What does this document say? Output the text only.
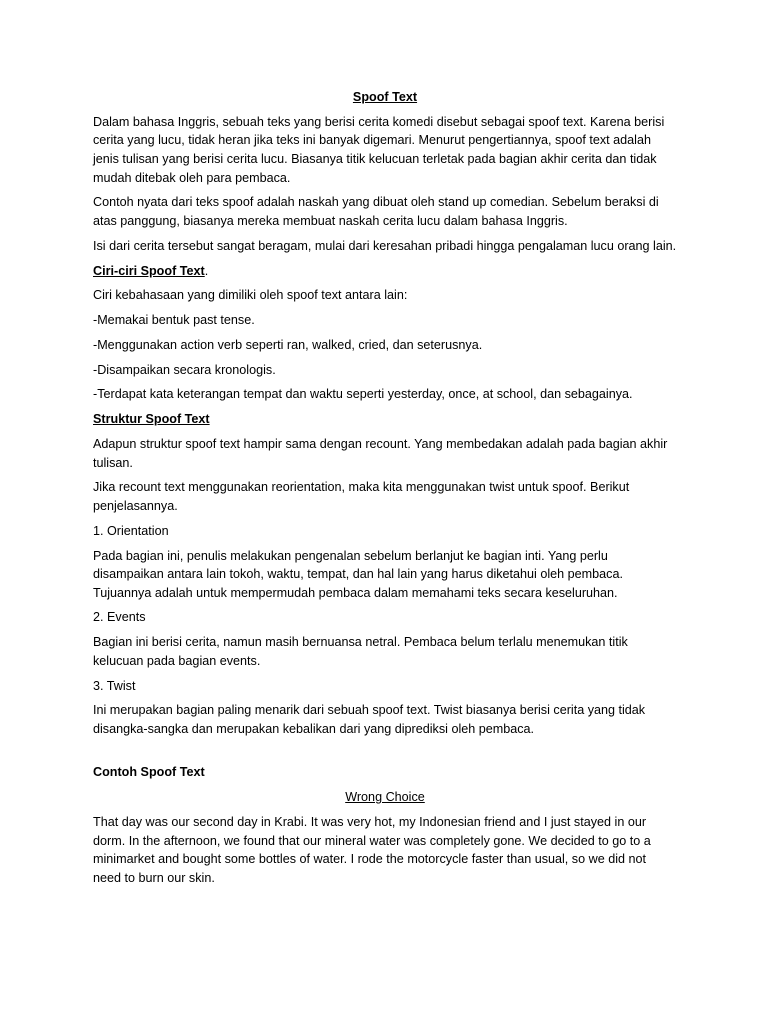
Spoof Text

Dalam bahasa Inggris, sebuah teks yang berisi cerita komedi disebut sebagai spoof text. Karena berisi cerita yang lucu, tidak heran jika teks ini banyak digemari. Menurut pengertiannya, spoof text adalah jenis tulisan yang berisi cerita lucu. Biasanya titik kelucuan terletak pada bagian akhir cerita dan tidak mudah ditebak oleh para pembaca.

Contoh nyata dari teks spoof adalah naskah yang dibuat oleh stand up comedian. Sebelum beraksi di atas panggung, biasanya mereka membuat naskah cerita lucu dalam bahasa Inggris.

Isi dari cerita tersebut sangat beragam, mulai dari keresahan pribadi hingga pengalaman lucu orang lain.

Ciri-ciri Spoof Text.

Ciri kebahasaan yang dimiliki oleh spoof text antara lain:

-Memakai bentuk past tense.

-Menggunakan action verb seperti ran, walked, cried, dan seterusnya.

-Disampaikan secara kronologis.

-Terdapat kata keterangan tempat dan waktu seperti yesterday, once, at school, dan sebagainya.

Struktur Spoof Text

Adapun struktur spoof text hampir sama dengan recount. Yang membedakan adalah pada bagian akhir tulisan.

Jika recount text menggunakan reorientation, maka kita menggunakan twist untuk spoof. Berikut penjelasannya.

1. Orientation

Pada bagian ini, penulis melakukan pengenalan sebelum berlanjut ke bagian inti. Yang perlu disampaikan antara lain tokoh, waktu, tempat, dan hal lain yang harus diketahui oleh pembaca. Tujuannya adalah untuk mempermudah pembaca dalam memahami teks secara keseluruhan.

2. Events

Bagian ini berisi cerita, namun masih bernuansa netral. Pembaca belum terlalu menemukan titik kelucuan pada bagian events.

3. Twist

Ini merupakan bagian paling menarik dari sebuah spoof text. Twist biasanya berisi cerita yang tidak disangka-sangka dan merupakan kebalikan dari yang diprediksi oleh pembaca.

Contoh Spoof Text

Wrong Choice

That day was our second day in Krabi. It was very hot, my Indonesian friend and I just stayed in our dorm. In the afternoon, we found that our mineral water was completely gone. We decided to go to a minimarket and bought some bottles of water. I rode the motorcycle faster than usual, so we did not need to burn our skin.
